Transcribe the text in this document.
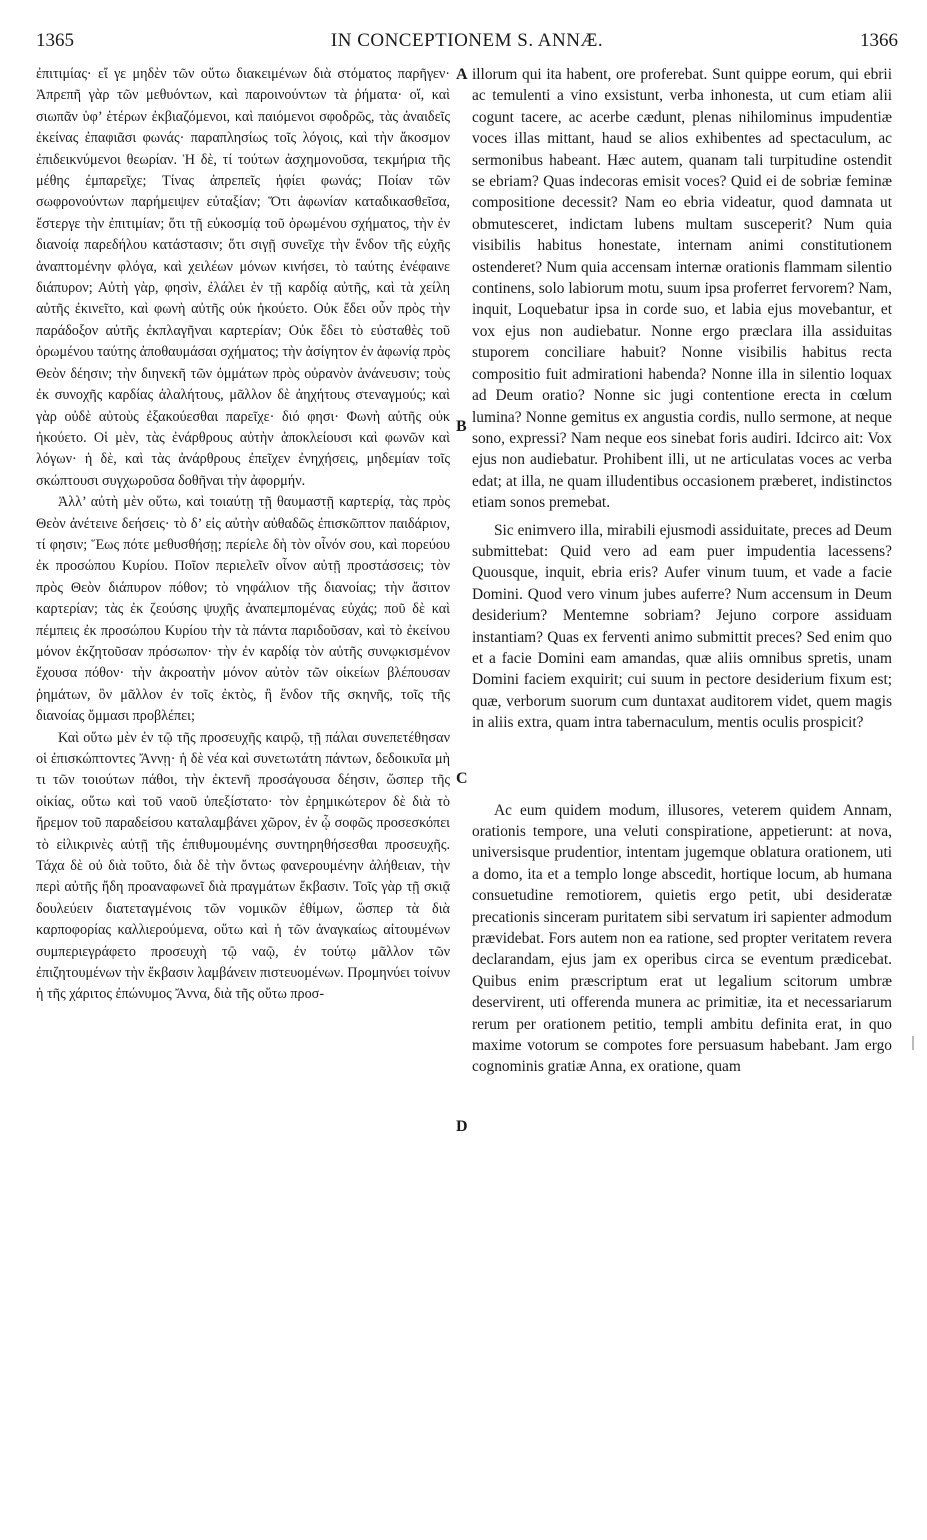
1365	IN CONCEPTIONEM S. ANNÆ.	1366

ἐπιτιμίας· εἴ γε μηδὲν τῶν οὕτω διακειμένων διὰ στόματος παρῆγεν· Ἀπρεπῆ γὰρ τῶν μεθυόντων, καὶ παροινούντων τὰ ῥήματα· οἵ, καὶ σιωπᾶν ὑφ’ ἑτέρων ἐκβιαζόμενοι, καὶ παιόμενοι σφοδρῶς, τὰς ἀναιδεῖς ἐκείνας ἐπαφιᾶσι φωνάς· παραπλησίως τοῖς λόγοις, καὶ τὴν ἄκοσμον ἐπιδεικνύμενοι θεωρίαν. Ἡ δὲ, τί τούτων ἀσχημονοῦσα, τεκμήρια τῆς μέθης ἐμπαρεῖχε; Τίνας ἀπρεπεῖς ἠφίει φωνάς; Ποίαν τῶν σωφρονούντων παρήμειψεν εὐταξίαν; Ὅτι ἀφωνίαν καταδικασθεῖσα, ἔστεργε τὴν ἐπιτιμίαν; ὅτι τῇ εὐκοσμίᾳ τοῦ ὁρωμένου σχήματος, τὴν ἐν διανοίᾳ παρεδήλου κατάστασιν; ὅτι σιγῇ συνεῖχε τὴν ἔνδον τῆς εὐχῆς ἀναπτομένην φλόγα, καὶ χειλέων μόνων κινήσει, τὸ ταύτης ἐνέφαινε διάπυρον; Αὐτὴ γὰρ, φησὶν, ἐλάλει ἐν τῇ καρδίᾳ αὐτῆς, καὶ τὰ χείλη αὐτῆς ἐκινεῖτο, καὶ φωνὴ αὐτῆς οὐκ ἠκούετο. Οὐκ ἔδει οὖν πρὸς τὴν παράδοξον αὐτῆς ἐκπλαγῆναι καρτερίαν; Οὐκ ἔδει τὸ εὐσταθὲς τοῦ ὁρωμένου ταύτης ἀποθαυμάσαι σχήματος; τὴν ἀσίγητον ἐν ἀφωνίᾳ πρὸς Θεὸν δέησιν; τὴν διηνεκῆ τῶν ὀμμάτων πρὸς οὐρανὸν ἀνάνευσιν; τοὺς ἐκ συνοχῆς καρδίας ἀλαλήτους, μᾶλλον δὲ ἀηχήτους στεναγμούς; καὶ γὰρ οὐδὲ αὐτοὺς ἐξακούεσθαι παρεῖχε· διό φησι· Φωνὴ αὐτῆς οὐκ ἠκούετο. Οἱ μὲν, τὰς ἐνάρθρους αὐτὴν ἀποκλείουσι καὶ φωνῶν καὶ λόγων· ἡ δὲ, καὶ τὰς ἀνάρθρους ἐπεῖχεν ἐνηχήσεις, μηδεμίαν τοῖς σκώπτουσι συγχωροῦσα δοθῆναι τὴν ἀφορμήν.

Ἀλλ’ αὐτὴ μὲν οὕτω, καὶ τοιαύτῃ τῇ θαυμαστῇ καρτερίᾳ, τὰς πρὸς Θεὸν ἀνέτεινε δεήσεις· τὸ δ’ εἰς αὐτὴν αὐθαδῶς ἐπισκῶπτον παιδάριον, τί φησιν; Ἕως πότε μεθυσθήσῃ; περίελε δὴ τὸν οἶνόν σου, καὶ πορεύου ἐκ προσώπου Κυρίου. Ποῖον περιελεῖν οἶνον αὐτῇ προστάσσεις; τὸν πρὸς Θεὸν διάπυρον πόθον; τὸ νηφάλιον τῆς διανοίας; τὴν ἄσιτον καρτερίαν; τὰς ἐκ ζεούσης ψυχῆς ἀναπεμπομένας εὐχάς; ποῦ δὲ καὶ πέμπεις ἐκ προσώπου Κυρίου τὴν τὰ πάντα παριδοῦσαν, καὶ τὸ ἐκείνου μόνον ἐκζητοῦσαν πρόσωπον· τὴν ἐν καρδίᾳ τὸν αὐτῆς συνῳκισμένον ἔχουσα πόθον· τὴν ἀκροατὴν μόνον αὐτὸν τῶν οἰκείων βλέπουσαν ῥημάτων, ὃν μᾶλλον ἐν τοῖς ἐκτὸς, ἢ ἔνδον τῆς σκηνῆς, τοῖς τῆς διανοίας ὄμμασι προβλέπει;

Καὶ οὕτω μὲν ἐν τῷ τῆς προσευχῆς καιρῷ, τῇ πάλαι συνεπετέθησαν οἱ ἐπισκώπτοντες Ἄννῃ· ἡ δὲ νέα καὶ συνετωτάτη πάντων, δεδοικυῖα μὴ τι τῶν τοιούτων πάθοι, τὴν ἐκτενῆ προσάγουσα δέησιν, ὥσπερ τῆς οἰκίας, οὕτω καὶ τοῦ ναοῦ ὑπεξίστατο· τὸν ἐρημικώτερον δὲ διὰ τὸ ἤρεμον τοῦ παραδείσου καταλαμβάνει χῶρον, ἐν ᾧ σοφῶς προσεσκόπει τὸ εἰλικρινὲς αὐτῇ τῆς ἐπιθυμουμένης συντηρηθήσεσθαι προσευχῆς. Τάχα δὲ οὐ διὰ τοῦτο, διὰ δὲ τὴν ὄντως φανερουμένην ἀλήθειαν, τὴν περὶ αὐτῆς ἤδη προαναφωνεῖ διὰ πραγμάτων ἔκβασιν. Τοῖς γὰρ τῇ σκιᾷ δουλεύειν διατεταγμένοις τῶν νομικῶν ἐθίμων, ὥσπερ τὰ διὰ καρποφορίας καλλιερούμενα, οὕτω καὶ ἡ τῶν ἀναγκαίως αἰτουμένων συμπεριεγράφετο προσευχὴ τῷ ναῷ, ἐν τούτῳ μᾶλλον τῶν ἐπιζητουμένων τὴν ἔκβασιν λαμβάνειν πιστευομένων. Προμηνύει τοίνυν ἡ τῆς χάριτος ἐπώνυμος Ἄννα, διὰ τῆς οὕτω προσ-

A
B
C
D

illorum qui ita habent, ore proferebat. Sunt quippe eorum, qui ebrii ac temulenti a vino exsistunt, verba inhonesta, ut cum etiam alii cogunt tacere, ac acerbe cædunt, plenas nihilominus impudentiæ voces illas mittant, haud se alios exhibentes ad spectaculum, ac sermonibus habeant. Hæc autem, quanam tali turpitudine ostendit se ebriam? Quas indecoras emisit voces? Quid ei de sobriæ feminæ compositione decessit? Nam eo ebria videatur, quod damnata ut obmutesceret, indictam lubens multam susceperit? Num quia visibilis habitus honestate, internam animi constitutionem ostenderet? Num quia accensam internæ orationis flammam silentio continens, solo labiorum motu, suum ipsa proferret fervorem? Nam, inquit, Loquebatur ipsa in corde suo, et labia ejus movebantur, et vox ejus non audiebatur. Nonne ergo præclara illa assiduitas stuporem conciliare habuit? Nonne visibilis habitus recta compositio fuit admirationi habenda? Nonne illa in silentio loquax ad Deum oratio? Nonne sic jugi contentione erecta in cœlum lumina? Nonne gemitus ex angustia cordis, nullo sermone, at neque sono, expressi? Nam neque eos sinebat foris audiri. Idcirco ait: Vox ejus non audiebatur. Prohibent illi, ut ne articulatas voces ac verba edat; at illa, ne quam illudentibus occasionem præberet, indistinctos etiam sonos premebat.

Sic enimvero illa, mirabili ejusmodi assiduitate, preces ad Deum submittebat: Quid vero ad eam puer impudentia lacessens? Quousque, inquit, ebria eris? Aufer vinum tuum, et vade a facie Domini. Quod vero vinum jubes auferre? Num accensum in Deum desiderium? Mentemne sobriam? Jejuno corpore assiduam instantiam? Quas ex ferventi animo submittit preces? Sed enim quo et a facie Domini eam amandas, quæ aliis omnibus spretis, unam Domini faciem exquirit; cui suum in pectore desiderium fixum est; quæ, verborum suorum cum duntaxat auditorem videt, quem magis in aliis extra, quam intra tabernaculum, mentis oculis prospicit?

Ac eum quidem modum, illusores, veterem quidem Annam, orationis tempore, una veluti conspiratione, appetierunt: at nova, universisque prudentior, intentam jugemque oblatura orationem, uti a domo, ita et a templo longe abscedit, hortique locum, ab humana consuetudine remotiorem, quietis ergo petit, ubi desideratæ precationis sinceram puritatem sibi servatum iri sapienter admodum prævidebat. Fors autem non ea ratione, sed propter veritatem revera declarandam, ejus jam ex operibus circa se eventum prædicebat. Quibus enim præscriptum erat ut legalium scitorum umbræ deservirent, uti offerenda munera ac primitiæ, ita et necessariarum rerum per orationem petitio, templi ambitu definita erat, in quo maxime votorum se compotes fore persuasum habebant. Jam ergo cognominis gratiæ Anna, ex oratione, quam
